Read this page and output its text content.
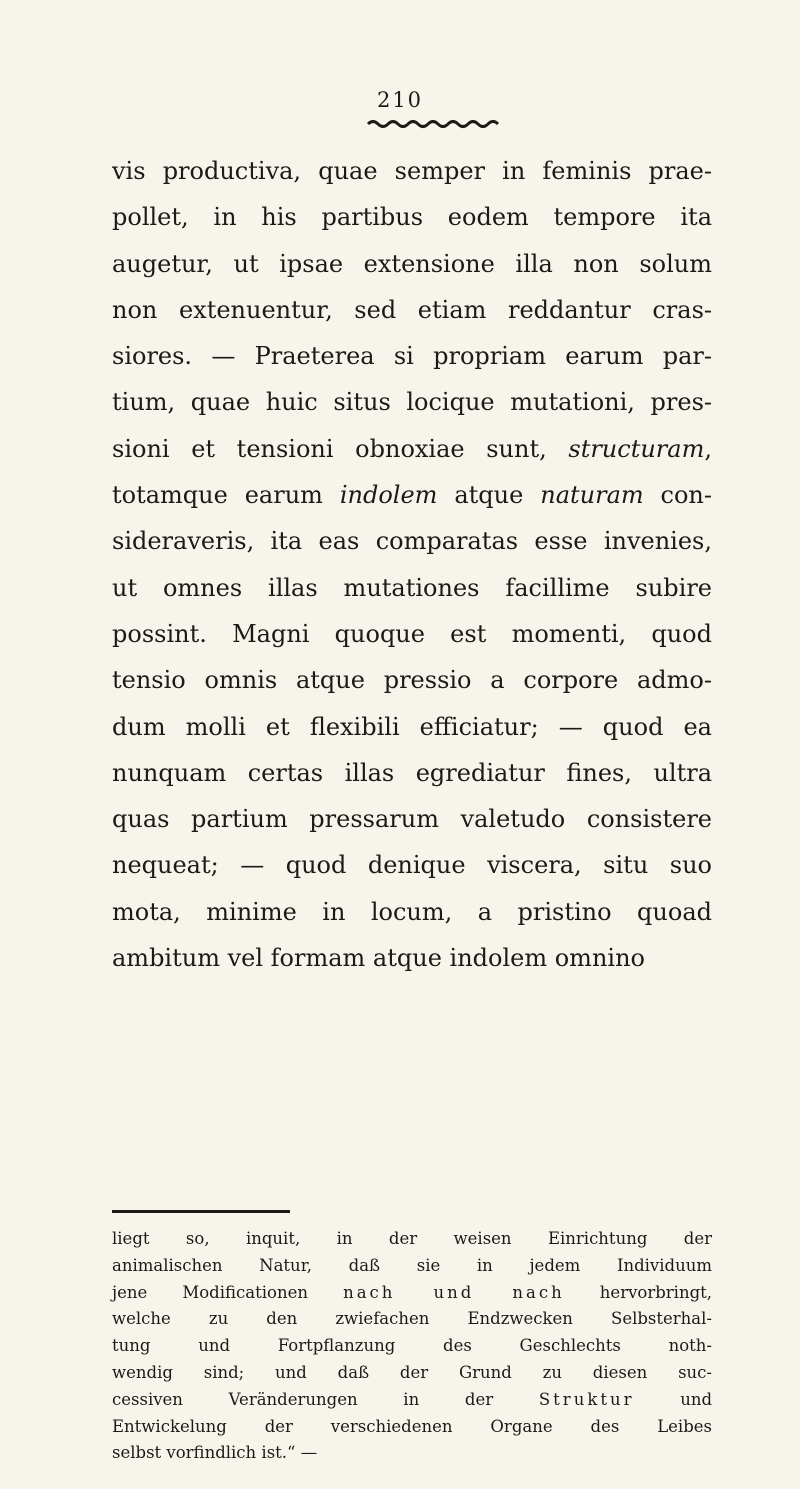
210
vis productiva, quae semper in feminis prae-
pollet, in his partibus eodem tempore ita
augetur, ut ipsae extensione illa non solum
non extenuentur, sed etiam reddantur cras-
siores. — Praeterea si propriam earum par-
tium, quae huic situs locique mutationi, pres-
sioni et tensioni obnoxiae sunt, structuram,
totamque earum indolem atque naturam con-
sideraveris, ita eas comparatas esse invenies,
ut omnes illas mutationes facillime subire
possint. Magni quoque est momenti, quod
tensio omnis atque pressio a corpore admo-
dum molli et flexibili efficiatur; — quod ea
nunquam certas illas egrediatur fines, ultra
quas partium pressarum valetudo consistere
nequeat; — quod denique viscera, situ suo
mota, minime in locum, a pristino quoad
ambitum vel formam atque indolem omnino
liegt so, inquit, in der weisen Einrichtung der
animalischen Natur, daß sie in jedem Individuum
jene Modificationen nach und nach hervorbringt,
welche zu den zwiefachen Endzwecken Selbsterhal-
tung und Fortpflanzung des Geschlechts noth-
wendig sind; und daß der Grund zu diesen suc-
cessiven Veränderungen in der Struktur und
Entwickelung der verschiedenen Organe des Leibes
selbst vorfindlich ist.“ —
